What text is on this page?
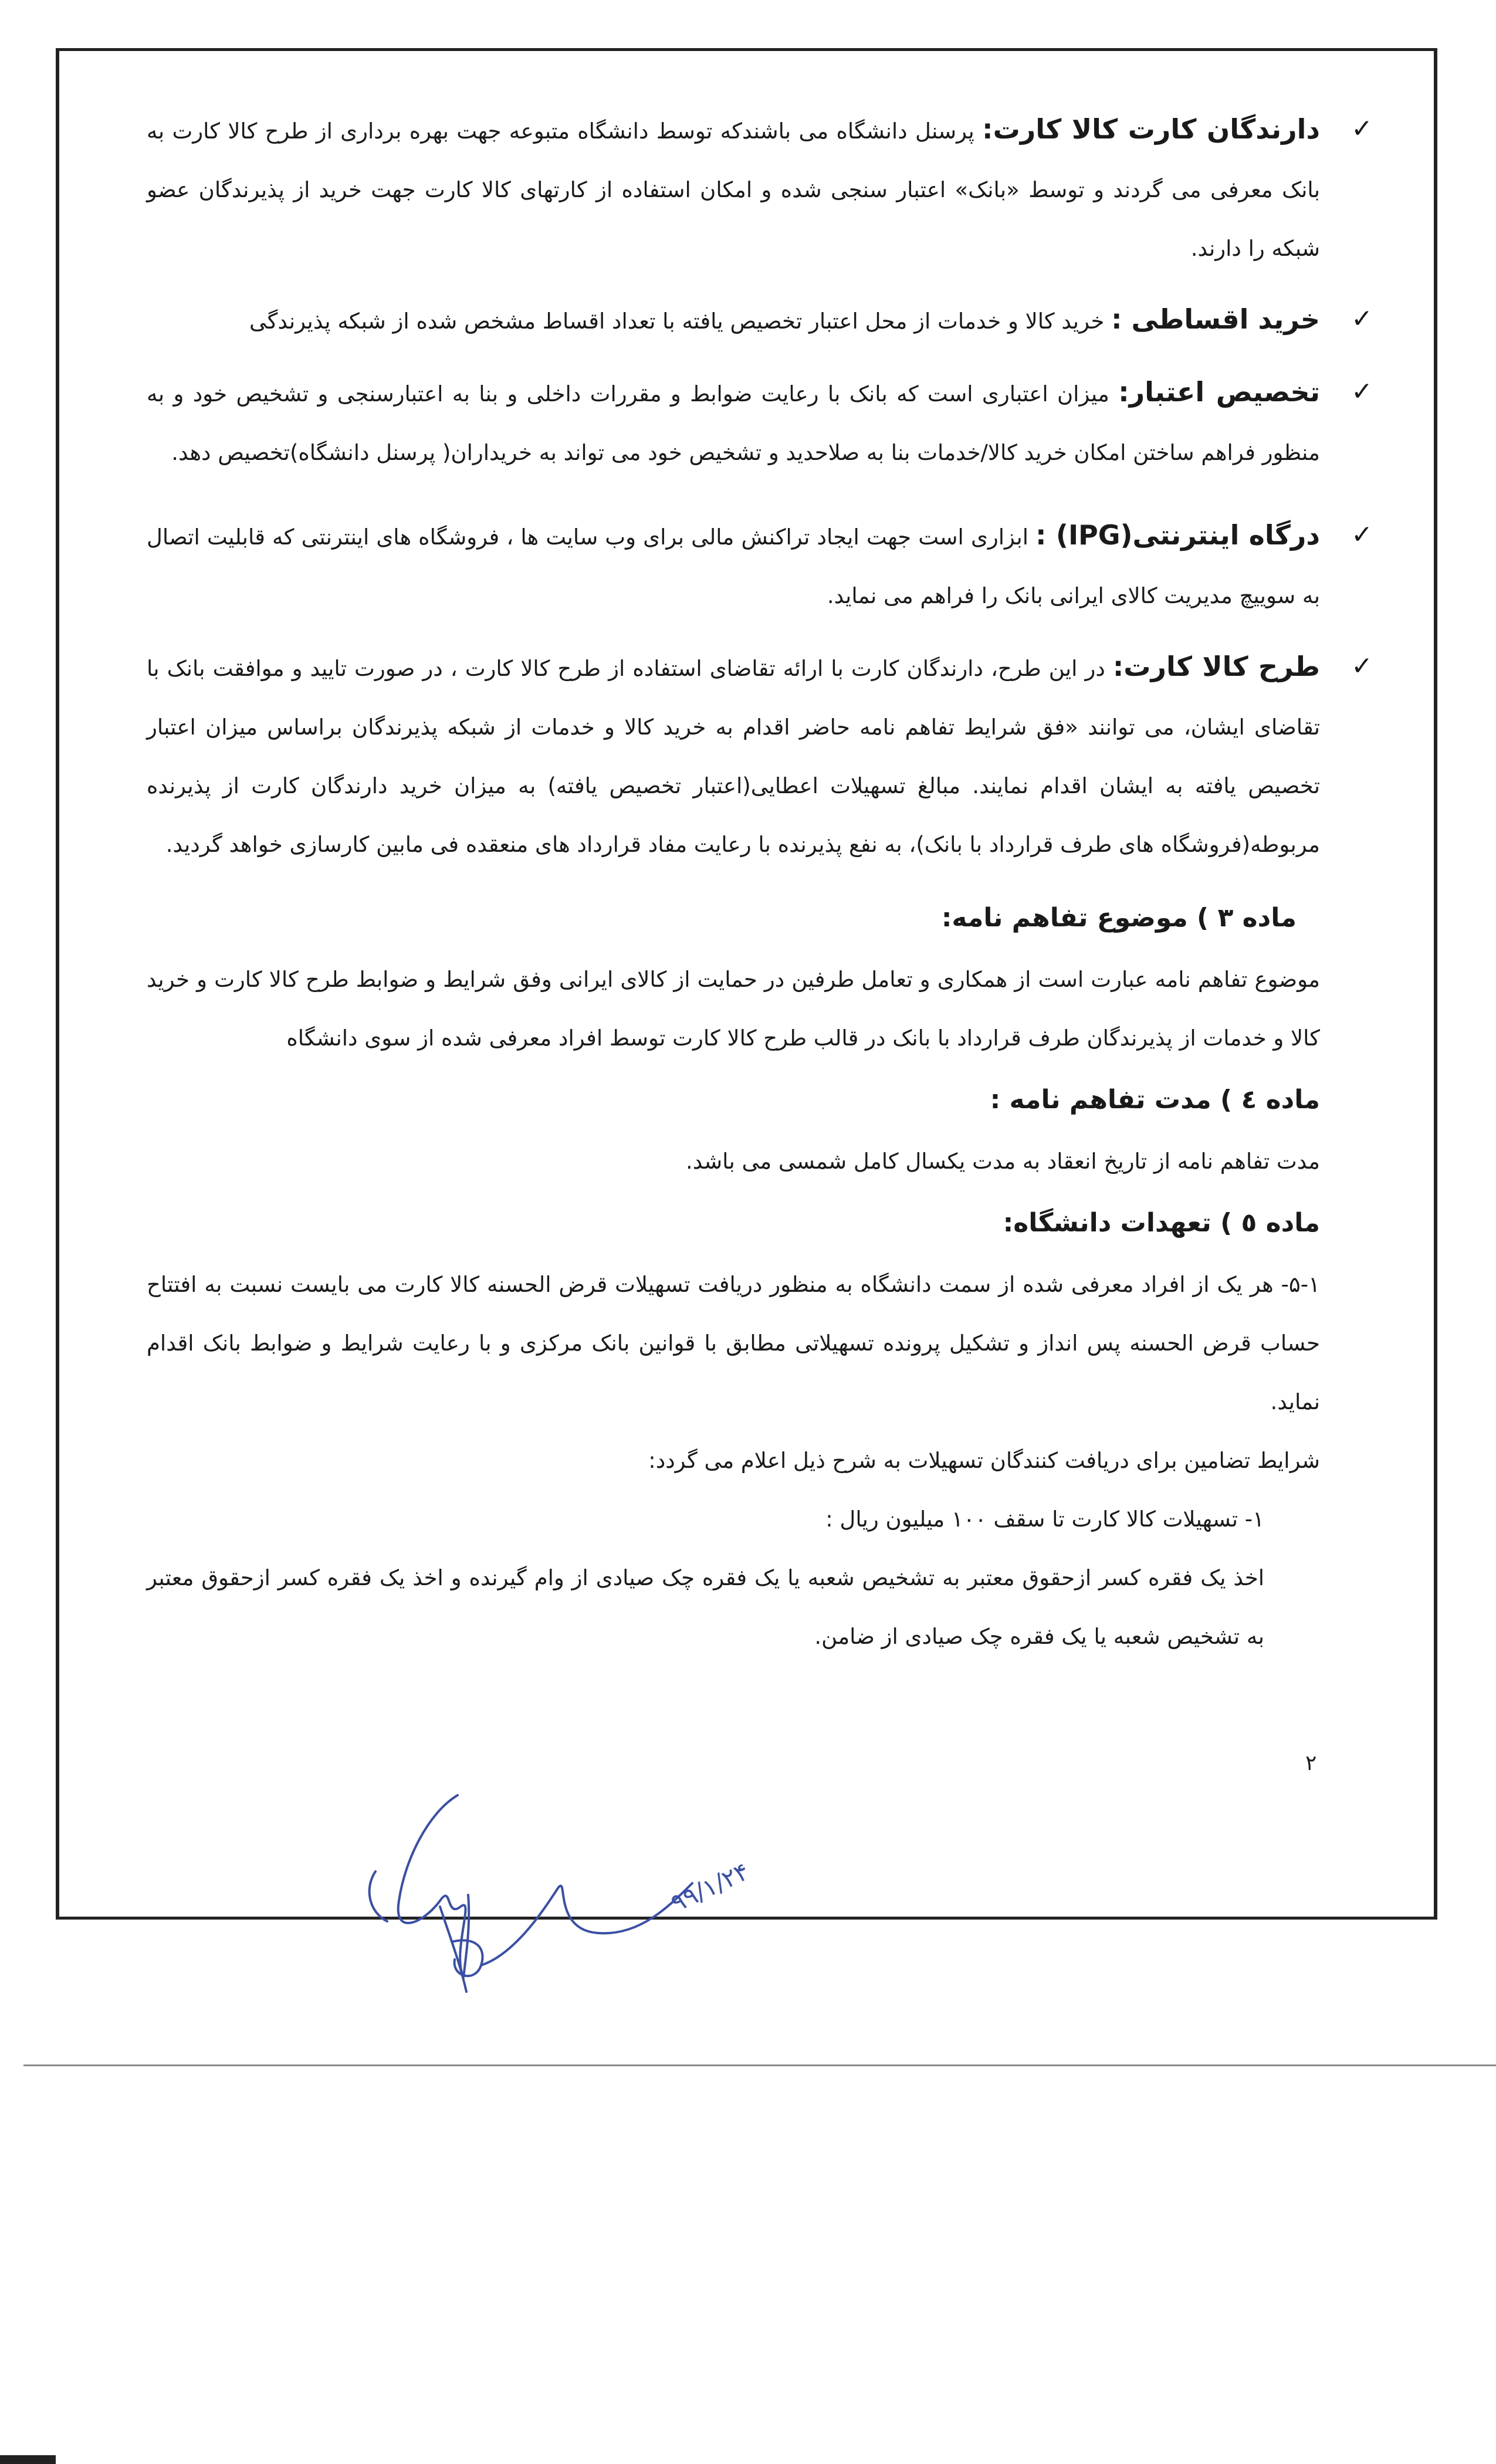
✓

دارندگان کارت کالا کارت: پرسنل دانشگاه می باشندکه توسط دانشگاه متبوعه جهت بهره برداری از طرح کالا کارت به بانک معرفی می گردند و توسط «بانک» اعتبار سنجی شده و امکان استفاده از کارتهای کالا کارت جهت خرید از پذیرندگان عضو شبکه را دارند.

✓

خرید اقساطی : خرید کالا و خدمات از محل اعتبار تخصیص یافته با تعداد اقساط مشخص شده از شبکه پذیرندگی

✓

تخصیص اعتبار: میزان اعتباری است که بانک با رعایت ضوابط و مقررات داخلی و بنا به اعتبارسنجی و تشخیص خود و به منظور فراهم ساختن امکان خرید کالا/خدمات بنا به صلاحدید و تشخیص خود می تواند به خریداران( پرسنل دانشگاه)تخصیص دهد.

✓

درگاه اینترنتی(IPG) : ابزاری است جهت ایجاد تراکنش مالی برای وب سایت ها ، فروشگاه های اینترنتی که قابلیت اتصال به سوییچ مدیریت کالای ایرانی بانک را فراهم می نماید.

✓

طرح کالا کارت: در این طرح، دارندگان کارت با ارائه تقاضای استفاده از طرح کالا کارت ، در صورت تایید و موافقت بانک با تقاضای ایشان، می توانند «فق شرایط تفاهم نامه حاضر اقدام به خرید کالا و خدمات از شبکه پذیرندگان براساس میزان اعتبار تخصیص یافته به ایشان اقدام نمایند. مبالغ تسهیلات اعطایی(اعتبار تخصیص یافته) به میزان خرید دارندگان کارت از پذیرنده مربوطه(فروشگاه های طرف قرارداد با بانک)، به نفع پذیرنده با رعایت مفاد قرارداد های منعقده فی مابین کارسازی خواهد گردید.

ماده ۳ ) موضوع تفاهم نامه:

موضوع تفاهم نامه عبارت است از همکاری و تعامل طرفین در حمایت از کالای ایرانی وفق شرایط و ضوابط طرح کالا کارت و خرید کالا و خدمات از پذیرندگان طرف قرارداد با بانک در قالب طرح کالا کارت توسط افراد معرفی شده از سوی دانشگاه

ماده ٤ ) مدت تفاهم نامه :

مدت تفاهم نامه از تاریخ انعقاد به مدت یکسال کامل شمسی می باشد.

ماده ٥ ) تعهدات دانشگاه:

۵-۱- هر یک از افراد معرفی شده از سمت دانشگاه به منظور دریافت تسهیلات قرض الحسنه کالا کارت می بایست نسبت به افتتاح حساب قرض الحسنه پس انداز و تشکیل پرونده تسهیلاتی مطابق با قوانین بانک مرکزی و با رعایت شرایط و ضوابط بانک اقدام نماید.

شرایط تضامین برای دریافت کنندگان تسهیلات به شرح ذیل اعلام می گردد:

۱- تسهیلات کالا کارت تا سقف ۱۰۰ میلیون ریال :

اخذ یک فقره کسر ازحقوق معتبر به تشخیص شعبه یا یک فقره چک صیادی از وام گیرنده و اخذ یک فقره کسر ازحقوق معتبر به تشخیص شعبه یا یک فقره چک صیادی از ضامن.

۲
۹۹/۱/۲۴
